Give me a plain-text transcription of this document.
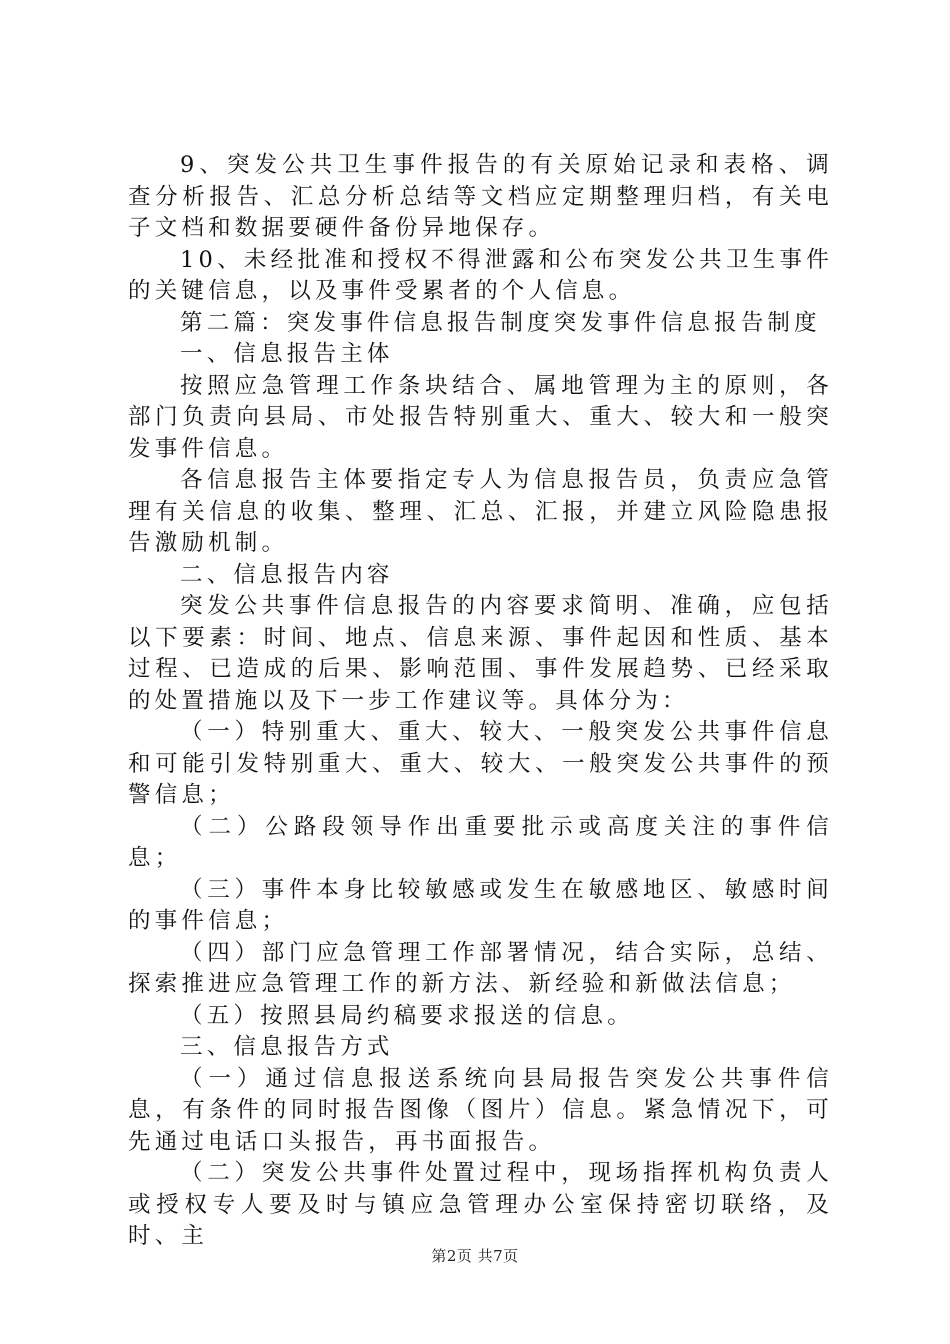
9、突发公共卫生事件报告的有关原始记录和表格、调查分析报告、汇总分析总结等文档应定期整理归档，有关电子文档和数据要硬件备份异地保存。

10、未经批准和授权不得泄露和公布突发公共卫生事件的关键信息，以及事件受累者的个人信息。

第二篇：突发事件信息报告制度突发事件信息报告制度

一、信息报告主体

按照应急管理工作条块结合、属地管理为主的原则，各部门负责向县局、市处报告特别重大、重大、较大和一般突发事件信息。

各信息报告主体要指定专人为信息报告员，负责应急管理有关信息的收集、整理、汇总、汇报，并建立风险隐患报告激励机制。

二、信息报告内容

突发公共事件信息报告的内容要求简明、准确，应包括以下要素：时间、地点、信息来源、事件起因和性质、基本过程、已造成的后果、影响范围、事件发展趋势、已经采取的处置措施以及下一步工作建议等。具体分为：

（一）特别重大、重大、较大、一般突发公共事件信息和可能引发特别重大、重大、较大、一般突发公共事件的预警信息；

（二）公路段领导作出重要批示或高度关注的事件信息；

（三）事件本身比较敏感或发生在敏感地区、敏感时间的事件信息；

（四）部门应急管理工作部署情况，结合实际，总结、探索推进应急管理工作的新方法、新经验和新做法信息；

（五）按照县局约稿要求报送的信息。

三、信息报告方式

（一）通过信息报送系统向县局报告突发公共事件信息，有条件的同时报告图像（图片）信息。紧急情况下，可先通过电话口头报告，再书面报告。

（二）突发公共事件处置过程中，现场指挥机构负责人或授权专人要及时与镇应急管理办公室保持密切联络，及时、主

第2页 共7页
